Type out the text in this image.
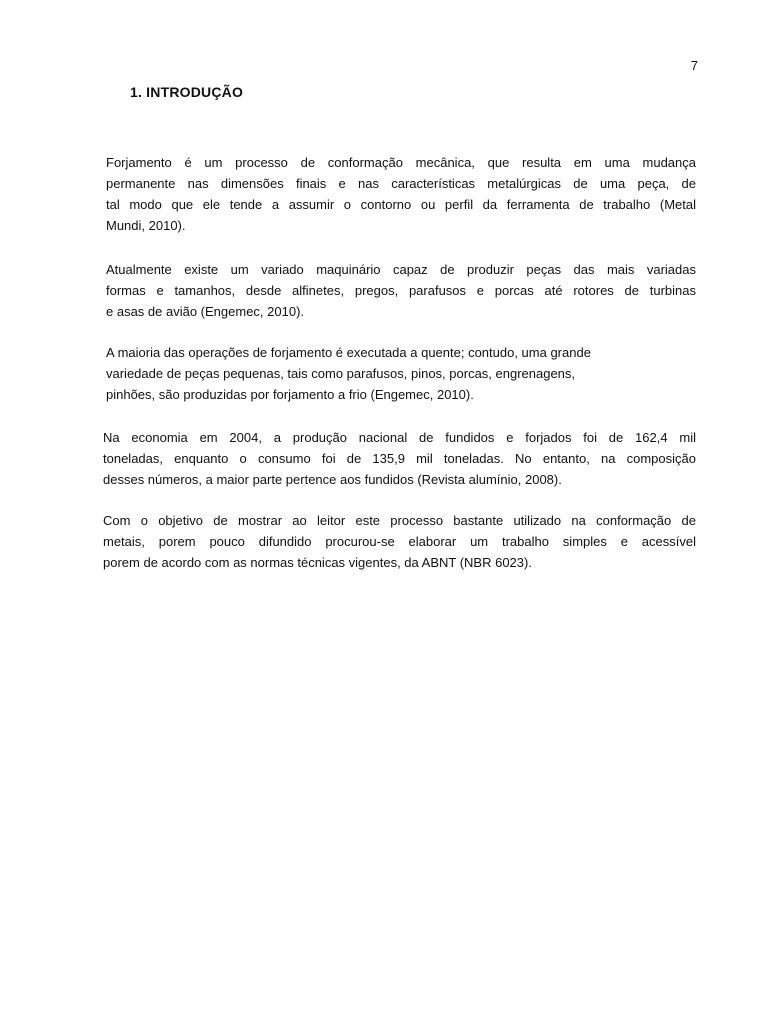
7
1. INTRODUÇÃO

Forjamento é um processo de conformação mecânica, que resulta em uma mudança
permanente nas dimensões finais e nas características metalúrgicas de uma peça, de
tal modo que ele tende a assumir o contorno ou perfil da ferramenta de trabalho (Metal
Mundi, 2010).

Atualmente existe um variado maquinário capaz de produzir peças das mais variadas
formas e tamanhos, desde alfinetes, pregos, parafusos e porcas até rotores de turbinas
e asas de avião (Engemec, 2010).

A maioria das operações de forjamento é executada a quente; contudo, uma grande
variedade de peças pequenas, tais como parafusos, pinos, porcas, engrenagens,
pinhões, são produzidas por forjamento a frio (Engemec, 2010).

Na economia em 2004, a produção nacional de fundidos e forjados foi de 162,4 mil
toneladas, enquanto o consumo foi de 135,9 mil toneladas. No entanto, na composição
desses números, a maior parte pertence aos fundidos (Revista alumínio, 2008).

Com o objetivo de mostrar ao leitor este processo bastante utilizado na conformação de
metais, porem pouco difundido procurou-se elaborar um trabalho simples e acessível
porem de acordo com as normas técnicas vigentes, da ABNT (NBR 6023).
